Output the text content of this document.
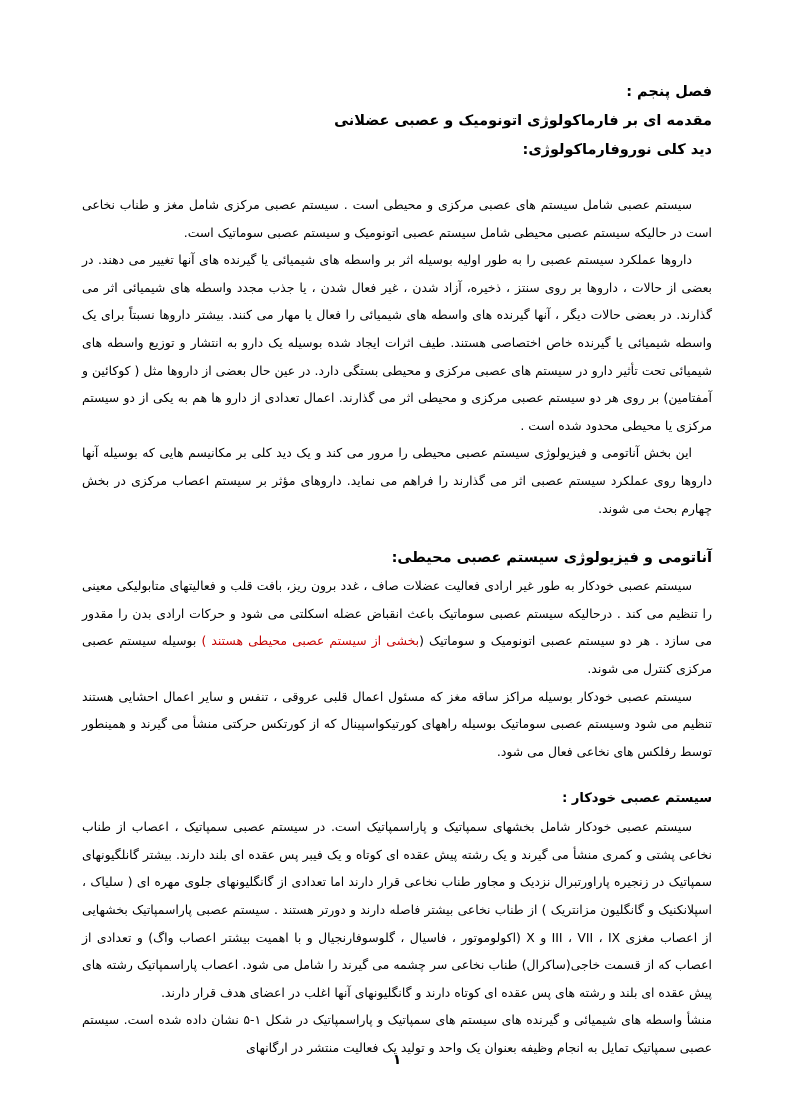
فصل پنجم :
مقدمه ای بر فارماکولوژی اتونومیک و عصبی عضلانی
دید کلی نوروفارماکولوژی:

سیستم عصبی شامل سیستم های عصبی مرکزی و محیطی است . سیستم عصبی مرکزی شامل مغز و طناب نخاعی است در حالیکه سیستم عصبی محیطی شامل سیستم عصبی اتونومیک و سیستم عصبی سوماتیک است.

داروها عملکرد سیستم عصبی را به طور اولیه بوسیله اثر بر واسطه های شیمیائی یا گیرنده های آنها تغییر می دهند. در بعضی از حالات ، داروها بر روی سنتز ، ذخیره، آزاد شدن ، غیر فعال شدن ، یا جذب مجدد واسطه های شیمیائی اثر می گذارند. در بعضی حالات دیگر ، آنها گیرنده های واسطه های شیمیائی را فعال یا مهار می کنند. بیشتر داروها نسبتاً برای یک واسطه شیمیائی یا گیرنده خاص اختصاصی هستند. طیف اثرات ایجاد شده بوسیله یک دارو به انتشار و توزیع واسطه های شیمیائی تحت تأثیر دارو در سیستم های عصبی مرکزی و محیطی بستگی دارد. در عین حال بعضی از داروها مثل ( کوکائین و آمفتامین) بر روی هر دو سیستم عصبی مرکزی و محیطی اثر می گذارند. اعمال تعدادی از دارو ها هم به یکی از دو سیستم مرکزی یا محیطی محدود شده است .

این بخش آناتومی و فیزیولوژی سیستم عصبی محیطی را مرور می کند و یک دید کلی بر مکانیسم هایی که بوسیله آنها داروها روی عملکرد سیستم عصبی اثر می گذارند را فراهم می نماید. داروهای مؤثر بر سیستم اعصاب مرکزی در بخش چهارم بحث می شوند.

آناتومی و فیزیولوژی سیستم عصبی محیطی:

سیستم عصبی خودکار به طور غیر ارادی فعالیت عضلات صاف ، غدد برون ریز، بافت قلب و فعالیتهای متابولیکی معینی را تنظیم می کند . درحالیکه سیستم عصبی سوماتیک باعث انقباض عضله اسکلتی می شود و حرکات ارادی بدن را مقدور می سازد . هر دو سیستم عصبی اتونومیک و سوماتیک (بخشی از سیستم عصبی محیطی هستند ) بوسیله سیستم عصبی مرکزی کنترل می شوند.

سیستم عصبی خودکار بوسیله مراکز ساقه مغز که مسئول اعمال قلبی عروقی ، تنفس و سایر اعمال احشایی هستند تنظیم می شود وسیستم عصبی سوماتیک بوسیله راههای کورتیکواسپینال که از کورتکس حرکتی منشأ می گیرند و همینطور توسط رفلکس های نخاعی فعال می شود.

سیستم عصبی خودکار :

سیستم عصبی خودکار شامل بخشهای سمپاتیک و پاراسمپاتیک است. در سیستم عصبی سمپاتیک ، اعصاب از طناب نخاعی پشتی و کمری منشأ می گیرند و یک رشته پیش عقده ای کوتاه و یک فیبر پس عقده ای بلند دارند. بیشتر گانلگیونهای سمپاتیک در زنجیره پاراورتبرال نزدیک و مجاور طناب نخاعی قرار دارند اما تعدادی از گانگلیونهای جلوی مهره ای ( سلیاک ، اسپلانکنیک و گانگلیون مزانتریک ) از طناب نخاعی بیشتر فاصله دارند و دورتر هستند . سیستم عصبی پاراسمپاتیک بخشهایی از اعصاب مغزی III ، VII ، IX و X (اکولوموتور ، فاسیال ، گلوسوفارنجیال و با اهمیت بیشتر اعصاب واگ) و تعدادی از اعصاب که از قسمت خاجی(ساکرال) طناب نخاعی سر چشمه می گیرند را شامل می شود. اعصاب پاراسمپاتیک رشته های پیش عقده ای بلند و رشته های پس عقده ای کوتاه دارند و گانگلیونهای آنها اغلب در اعضای هدف قرار دارند.

منشأ واسطه های شیمیائی و گیرنده های سیستم های سمپاتیک و پاراسمپاتیک در شکل ۱-۵ نشان داده شده است. سیستم عصبی سمپاتیک تمایل به انجام وظیفه بعنوان یک واحد و تولید یک فعالیت منتشر در ارگانهای

۱
